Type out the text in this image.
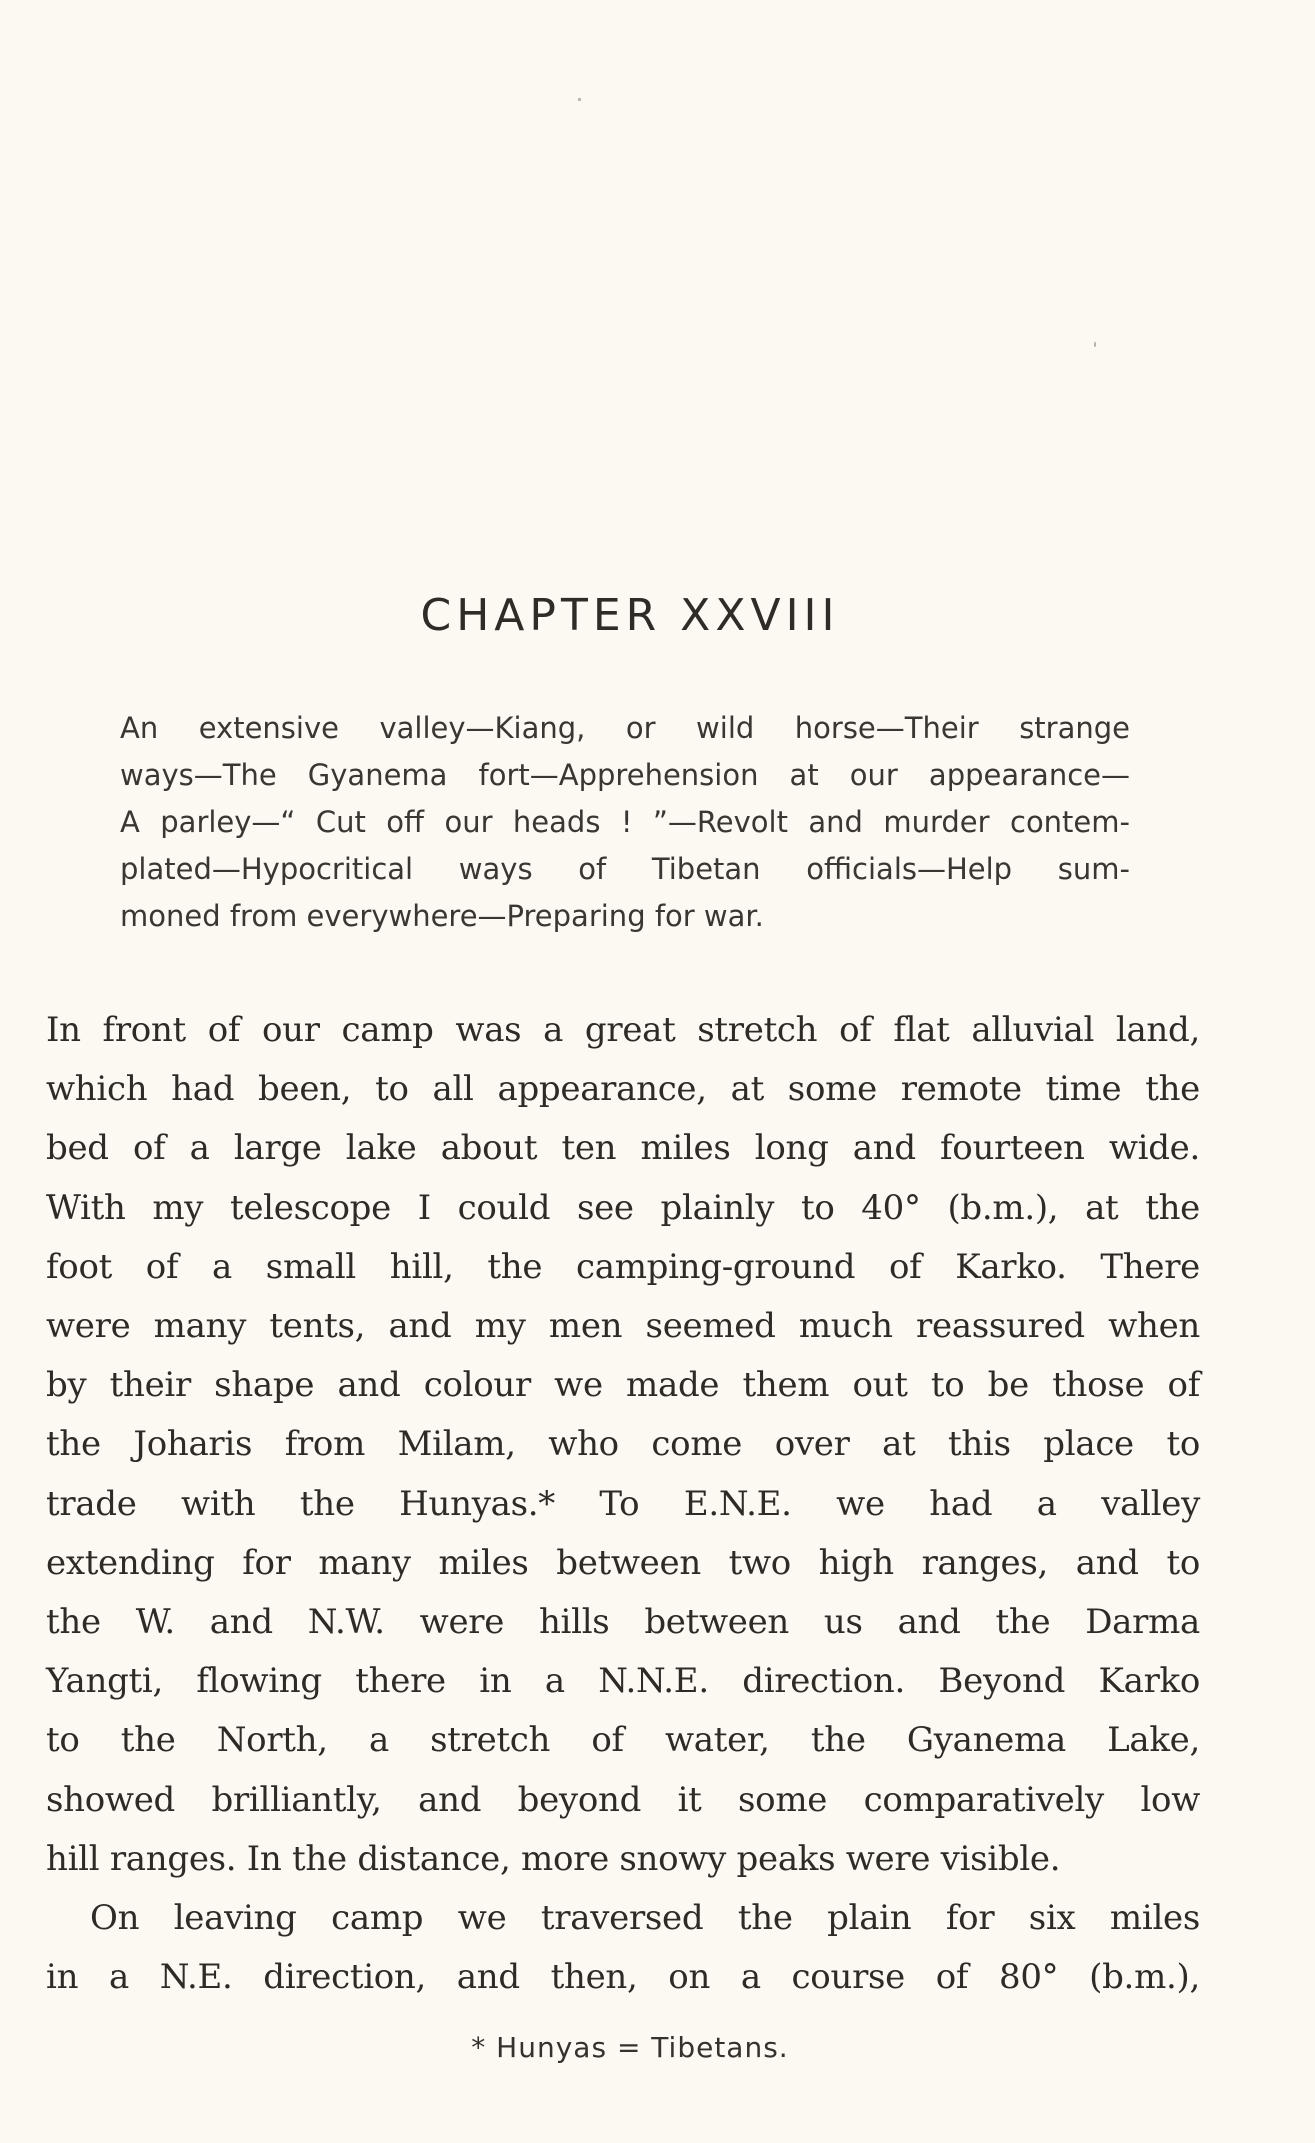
CHAPTER XXVIII
An extensive valley—Kiang, or wild horse—Their strange
ways—The Gyanema fort—Apprehension at our appearance—
A parley—“ Cut off our heads ! ”—Revolt and murder contem-
plated—Hypocritical ways of Tibetan officials—Help sum-
moned from everywhere—Preparing for war.
In front of our camp was a great stretch of flat alluvial land,
which had been, to all appearance, at some remote time the
bed of a large lake about ten miles long and fourteen wide.
With my telescope I could see plainly to 40° (b.m.), at the
foot of a small hill, the camping-ground of Karko. There
were many tents, and my men seemed much reassured when
by their shape and colour we made them out to be those of
the Joharis from Milam, who come over at this place to
trade with the Hunyas.* To E.N.E. we had a valley
extending for many miles between two high ranges, and to
the W. and N.W. were hills between us and the Darma
Yangti, flowing there in a N.N.E. direction. Beyond Karko
to the North, a stretch of water, the Gyanema Lake,
showed brilliantly, and beyond it some comparatively low
hill ranges. In the distance, more snowy peaks were visible.
On leaving camp we traversed the plain for six miles
in a N.E. direction, and then, on a course of 80° (b.m.),
* Hunyas = Tibetans.
